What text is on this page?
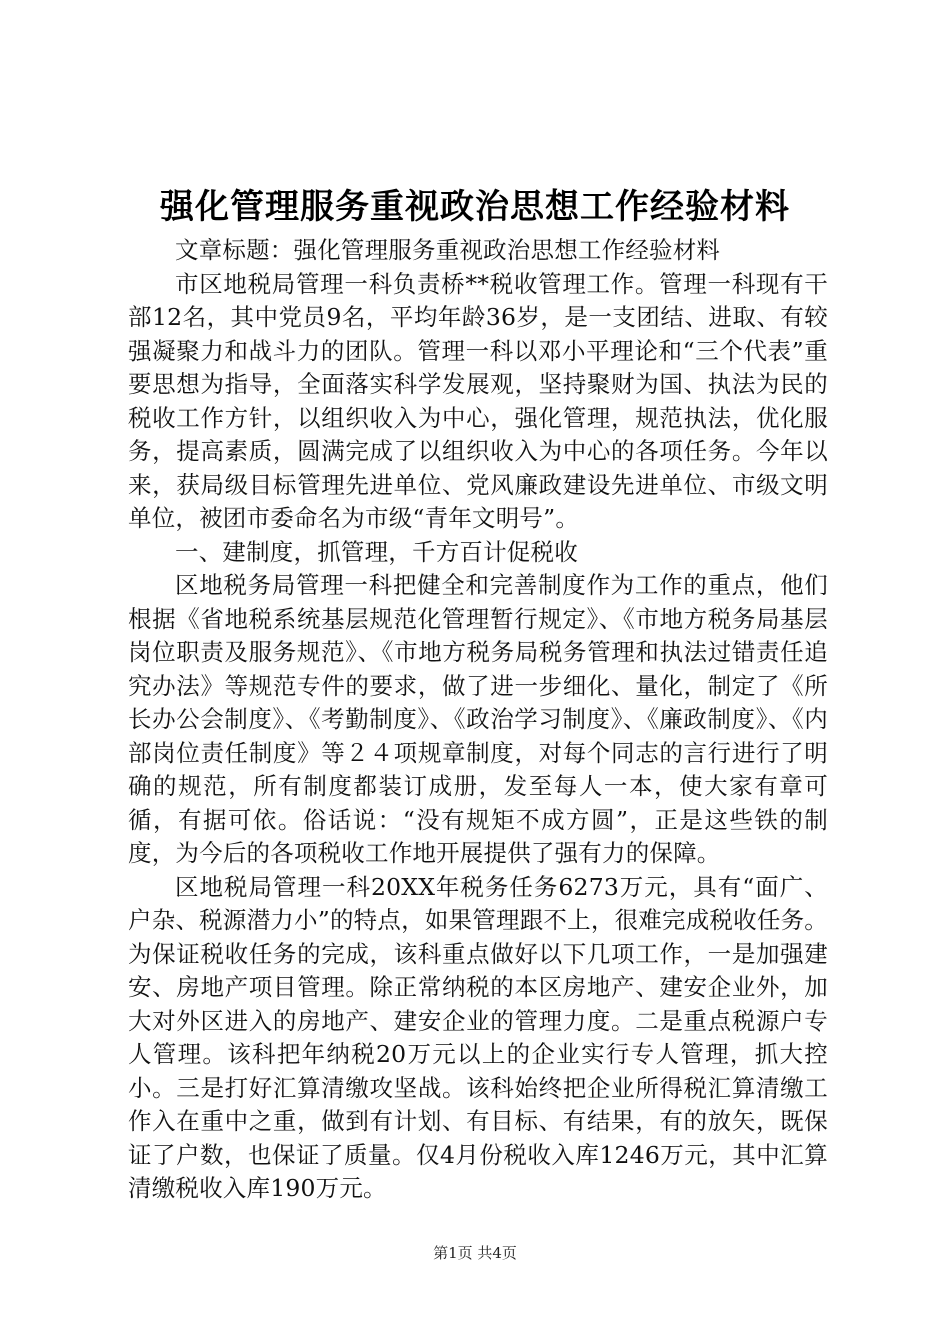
强化管理服务重视政治思想工作经验材料

文章标题：强化管理服务重视政治思想工作经验材料

市区地税局管理一科负责桥**税收管理工作。管理一科现有干部12名，其中党员9名，平均年龄36岁，是一支团结、进取、有较强凝聚力和战斗力的团队。管理一科以邓小平理论和“三个代表”重要思想为指导，全面落实科学发展观，坚持聚财为国、执法为民的税收工作方针，以组织收入为中心，强化管理，规范执法，优化服务，提高素质，圆满完成了以组织收入为中心的各项任务。今年以来，获局级目标管理先进单位、党风廉政建设先进单位、市级文明单位，被团市委命名为市级“青年文明号”。

一、建制度，抓管理，千方百计促税收

区地税务局管理一科把健全和完善制度作为工作的重点，他们根据《省地税系统基层规范化管理暂行规定》、《市地方税务局基层岗位职责及服务规范》、《市地方税务局税务管理和执法过错责任追究办法》等规范专件的要求，做了进一步细化、量化，制定了《所长办公会制度》、《考勤制度》、《政治学习制度》、《廉政制度》、《内部岗位责任制度》等２４项规章制度，对每个同志的言行进行了明确的规范，所有制度都装订成册，发至每人一本，使大家有章可循，有据可依。俗话说：“没有规矩不成方圆”，正是这些铁的制度，为今后的各项税收工作地开展提供了强有力的保障。

区地税局管理一科20XX年税务任务6273万元，具有“面广、户杂、税源潜力小”的特点，如果管理跟不上，很难完成税收任务。为保证税收任务的完成，该科重点做好以下几项工作，一是加强建安、房地产项目管理。除正常纳税的本区房地产、建安企业外，加大对外区进入的房地产、建安企业的管理力度。二是重点税源户专人管理。该科把年纳税20万元以上的企业实行专人管理，抓大控小。三是打好汇算清缴攻坚战。该科始终把企业所得税汇算清缴工作入在重中之重，做到有计划、有目标、有结果，有的放矢，既保证了户数，也保证了质量。仅4月份税收入库1246万元，其中汇算清缴税收入库190万元。

第1页 共4页
